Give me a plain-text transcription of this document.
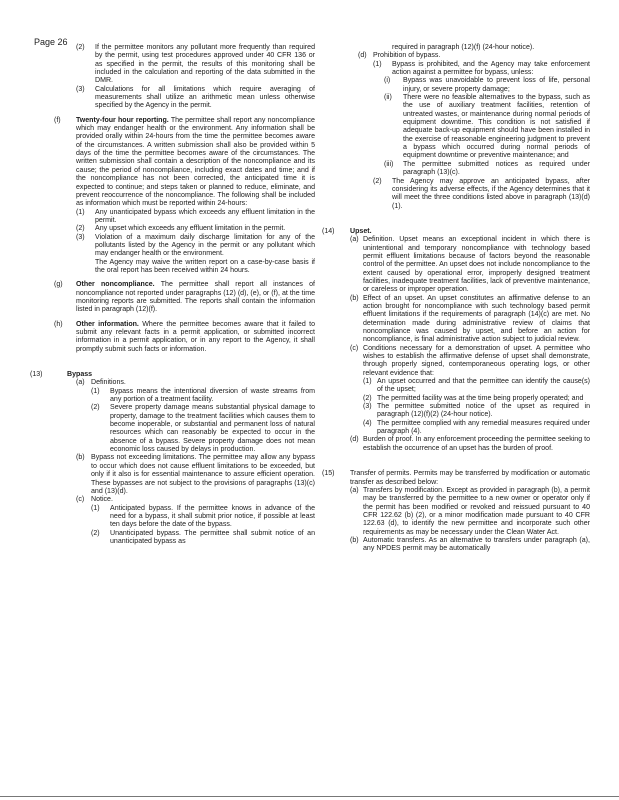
Page 26
(2)	If the permittee monitors any pollutant more frequently than required by the permit, using test procedures approved under 40 CFR 136 or as specified in the permit, the results of this monitoring shall be included in the calculation and reporting of the data submitted in the DMR.
(3)	Calculations for all limitations which require averaging of measurements shall utilize an arithmetic mean unless otherwise specified by the Agency in the permit.
(f)	Twenty-four hour reporting. The permittee shall report any noncompliance which may endanger health or the environment. Any information shall be provided orally within 24-hours from the time the permittee becomes aware of the circumstances. A written submission shall also be provided within 5 days of the time the permittee becomes aware of the circumstances. The written submission shall contain a description of the noncompliance and its cause; the period of noncompliance, including exact dates and time; and if the noncompliance has not been corrected, the anticipated time it is expected to continue; and steps taken or planned to reduce, eliminate, and prevent reoccurrence of the noncompliance. The following shall be included as information which must be reported within 24-hours:
(1)	Any unanticipated bypass which exceeds any effluent limitation in the permit.
(2)	Any upset which exceeds any effluent limitation in the permit.
(3)	Violation of a maximum daily discharge limitation for any of the pollutants listed by the Agency in the permit or any pollutant which may endanger health or the environment.
The Agency may waive the written report on a case-by-case basis if the oral report has been received within 24 hours.
(g)	Other noncompliance. The permittee shall report all instances of noncompliance not reported under paragraphs (12) (d), (e), or (f), at the time monitoring reports are submitted. The reports shall contain the information listed in paragraph (12)(f).
(h)	Other information. Where the permittee becomes aware that it failed to submit any relevant facts in a permit application, or submitted incorrect information in a permit application, or in any report to the Agency, it shall promptly submit such facts or information.
(13)	Bypass
(a) Definitions.
(1)	Bypass means the intentional diversion of waste streams from any portion of a treatment facility.
(2)	Severe property damage means substantial physical damage to property, damage to the treatment facilities which causes them to become inoperable, or substantial and permanent loss of natural resources which can reasonably be expected to occur in the absence of a bypass. Severe property damage does not mean economic loss caused by delays in production.
(b) Bypass not exceeding limitations. The permittee may allow any bypass to occur which does not cause effluent limitations to be exceeded, but only if it also is for essential maintenance to assure efficient operation. These bypasses are not subject to the provisions of paragraphs (13)(c) and (13)(d).
(c) Notice.
(1)	Anticipated bypass. If the permittee knows in advance of the need for a bypass, it shall submit prior notice, if possible at least ten days before the date of the bypass.
(2)	Unanticipated bypass. The permittee shall submit notice of an unanticipated bypass as
required in paragraph (12)(f) (24-hour notice).
(d) Prohibition of bypass.
(1)	Bypass is prohibited, and the Agency may take enforcement action against a permittee for bypass, unless:
(i)	Bypass was unavoidable to prevent loss of life, personal injury, or severe property damage;
(ii)	There were no feasible alternatives to the bypass, such as the use of auxiliary treatment facilities, retention of untreated wastes, or maintenance during normal periods of equipment downtime. This condition is not satisfied if adequate back-up equipment should have been installed in the exercise of reasonable engineering judgment to prevent a bypass which occurred during normal periods of equipment downtime or preventive maintenance; and
(iii)	The permittee submitted notices as required under paragraph (13)(c).
(2)	The Agency may approve an anticipated bypass, after considering its adverse effects, if the Agency determines that it will meet the three conditions listed above in paragraph (13)(d)(1).
(14) Upset.
(a) Definition. Upset means an exceptional incident in which there is unintentional and temporary noncompliance with technology based permit effluent limitations because of factors beyond the reasonable control of the permittee. An upset does not include noncompliance to the extent caused by operational error, improperly designed treatment facilities, inadequate treatment facilities, lack of preventive maintenance, or careless or improper operation.
(b) Effect of an upset. An upset constitutes an affirmative defense to an action brought for noncompliance with such technology based permit effluent limitations if the requirements of paragraph (14)(c) are met. No determination made during administrative review of claims that noncompliance was caused by upset, and before an action for noncompliance, is final administrative action subject to judicial review.
(c) Conditions necessary for a demonstration of upset. A permittee who wishes to establish the affirmative defense of upset shall demonstrate, through properly signed, contemporaneous operating logs, or other relevant evidence that:
(1) An upset occurred and that the permittee can identify the cause(s) of the upset;
(2) The permitted facility was at the time being properly operated; and
(3) The permittee submitted notice of the upset as required in paragraph (12)(f)(2) (24-hour notice).
(4) The permittee complied with any remedial measures required under paragraph (4).
(d) Burden of proof. In any enforcement proceeding the permittee seeking to establish the occurrence of an upset has the burden of proof.
(15)	Transfer of permits. Permits may be transferred by modification or automatic transfer as described below:
(a) Transfers by modification. Except as provided in paragraph (b), a permit may be transferred by the permittee to a new owner or operator only if the permit has been modified or revoked and reissued pursuant to 40 CFR 122.62 (b) (2), or a minor modification made pursuant to 40 CFR 122.63 (d), to identify the new permittee and incorporate such other requirements as may be necessary under the Clean Water Act.
(b) Automatic transfers. As an alternative to transfers under paragraph (a), any NPDES permit may be automatically
